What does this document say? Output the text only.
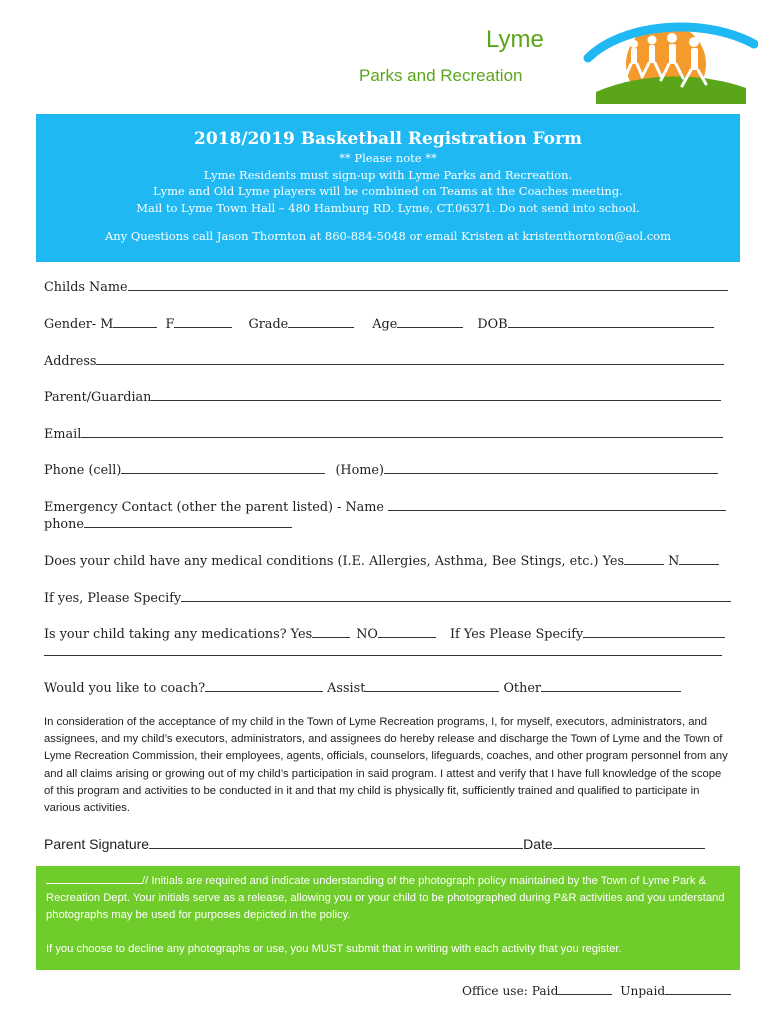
Lyme
Parks and Recreation
2018/2019 Basketball Registration Form
** Please note **
Lyme Residents must sign-up with Lyme Parks and Recreation.
Lyme and Old Lyme players will be combined on Teams at the Coaches meeting.
Mail to Lyme Town Hall – 480 Hamburg RD. Lyme, CT.06371. Do not send into school.
Any Questions call Jason Thornton at 860-884-5048 or email Kristen at kristenthornton@aol.com
Childs Name
Gender- M	F	Grade	Age	DOB
Address
Parent/Guardian
Email
Phone (cell)	(Home)
Emergency Contact (other the parent listed) - Name
phone
Does your child have any medical conditions (I.E. Allergies, Asthma, Bee Stings, etc.) Yes	N
If yes, Please Specify
Is your child taking any medications? Yes	NO	If Yes Please Specify
Would you like to coach?	Assist	Other
In consideration of the acceptance of my child in the Town of Lyme Recreation programs, I, for myself, executors, administrators, and assignees, and my child’s executors, administrators, and assignees do hereby release and discharge the Town of Lyme and the Town of Lyme Recreation Commission, their employees, agents, officials, counselors, lifeguards, coaches, and other program personnel from any and all claims arising or growing out of my child’s participation in said program. I attest and verify that I have full knowledge of the scope of this program and activities to be conducted in it and that my child is physically fit, sufficiently trained and qualified to participate in various activities.
Parent Signature	Date
// Initials are required and indicate understanding of the photograph policy maintained by the Town of Lyme Park & Recreation Dept. Your initials serve as a release, allowing you or your child to be photographed during P&R activities and you understand photographs may be used for purposes depicted in the policy.
If you choose to decline any photographs or use, you MUST submit that in writing with each activity that you register.
Office use: Paid	Unpaid
